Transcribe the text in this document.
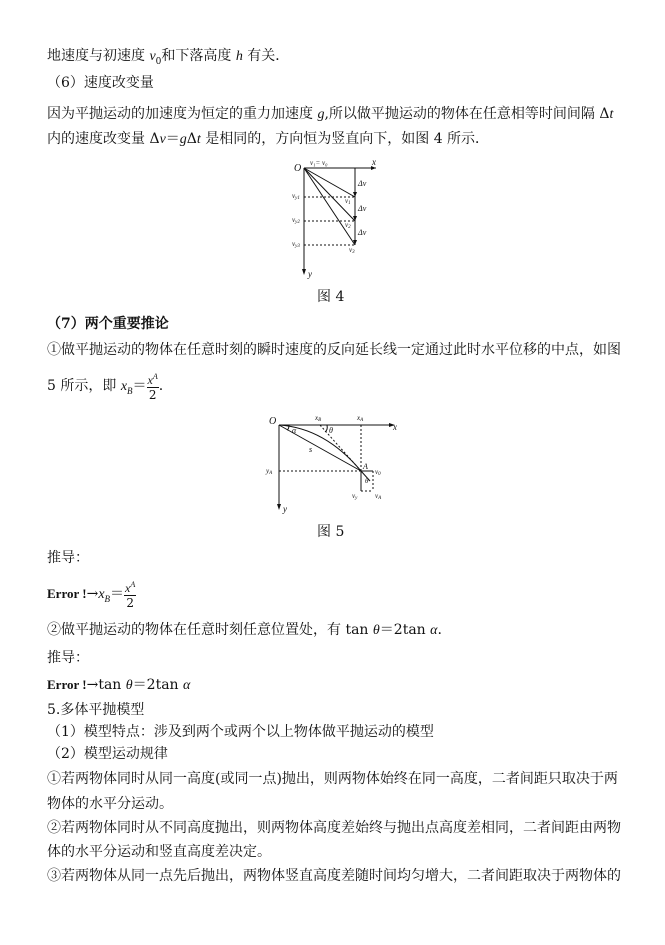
地速度与初速度 $v_0$和下落高度 h 有关．
（6）速度改变量
因为平抛运动的加速度为恒定的重力加速度 g,所以做平抛运动的物体在任意相等时间间隔 Δt
内的速度改变量 Δv＝gΔt 是相同的，方向恒为竖直向下，如图 4 所示．
O
x
y
v₁= v₀
Δv
Δv
Δv
vy1
vy2
vy3
v1
v2
v3
图 4
（7）两个重要推论
①做平抛运动的物体在任意时刻的瞬时速度的反向延长线一定通过此时水平位移的中点，如图
5 所示，即 $x_B= \frac{x^A}{2}$ .
O	x
y
xB	xA
yA
α	θ
θ
s
A
v0
vy	vA
图 5
推导：
Error $!\to x_B= \frac{x^A}{2}$
②做平抛运动的物体在任意时刻任意位置处，有 tan θ＝2tan α.
推导：
Error !→tan θ＝2tan α
5.多体平抛模型
（1）模型特点：涉及到两个或两个以上物体做平抛运动的模型
（2）模型运动规律
①若两物体同时从同一高度(或同一点)抛出，则两物体始终在同一高度，二者间距只取决于两
物体的水平分运动。
②若两物体同时从不同高度抛出，则两物体高度差始终与抛出点高度差相同，二者间距由两物
体的水平分运动和竖直高度差决定。
③若两物体从同一点先后抛出，两物体竖直高度差随时间均匀增大，二者间距取决于两物体的
